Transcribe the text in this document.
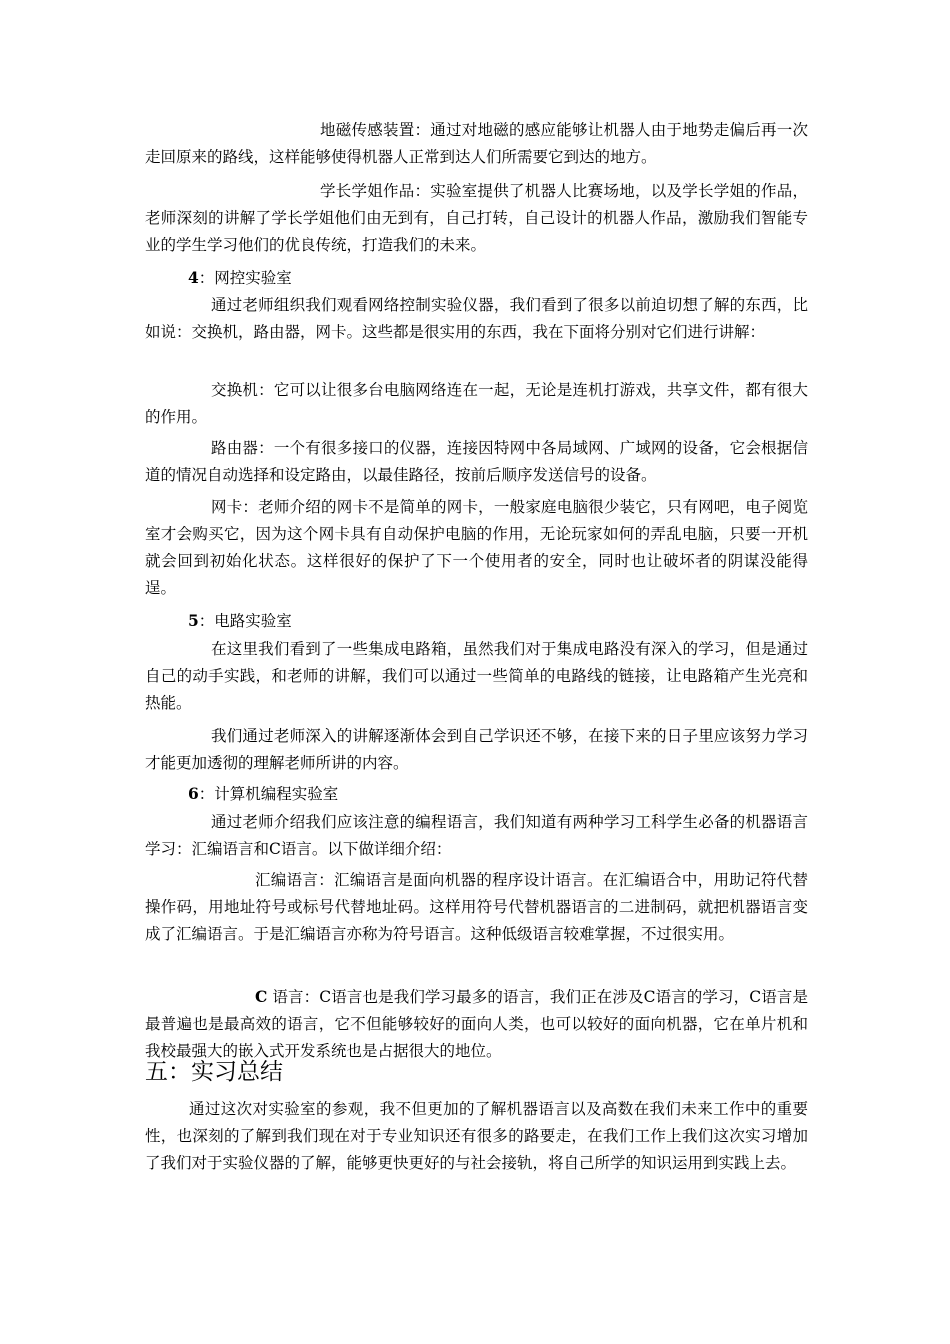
地磁传感装置：通过对地磁的感应能够让机器人由于地势走偏后再一次走回原来的路线，这样能够使得机器人正常到达人们所需要它到达的地方。

学长学姐作品：实验室提供了机器人比赛场地，以及学长学姐的作品，老师深刻的讲解了学长学姐他们由无到有，自己打转，自己设计的机器人作品，激励我们智能专业的学生学习他们的优良传统，打造我们的未来。

4：网控实验室

通过老师组织我们观看网络控制实验仪器，我们看到了很多以前迫切想了解的东西，比如说：交换机，路由器，网卡。这些都是很实用的东西，我在下面将分别对它们进行讲解：

交换机：它可以让很多台电脑网络连在一起，无论是连机打游戏，共享文件，都有很大的作用。

路由器：一个有很多接口的仪器，连接因特网中各局域网、广域网的设备，它会根据信道的情况自动选择和设定路由，以最佳路径，按前后顺序发送信号的设备。

网卡：老师介绍的网卡不是简单的网卡，一般家庭电脑很少装它，只有网吧，电子阅览室才会购买它，因为这个网卡具有自动保护电脑的作用，无论玩家如何的弄乱电脑，只要一开机就会回到初始化状态。这样很好的保护了下一个使用者的安全，同时也让破坏者的阴谋没能得逞。

5：电路实验室

在这里我们看到了一些集成电路箱，虽然我们对于集成电路没有深入的学习，但是通过自己的动手实践，和老师的讲解，我们可以通过一些简单的电路线的链接，让电路箱产生光亮和热能。

我们通过老师深入的讲解逐渐体会到自己学识还不够，在接下来的日子里应该努力学习才能更加透彻的理解老师所讲的内容。

6：计算机编程实验室

通过老师介绍我们应该注意的编程语言，我们知道有两种学习工科学生必备的机器语言学习：汇编语言和C语言。以下做详细介绍：

汇编语言：汇编语言是面向机器的程序设计语言。在汇编语合中，用助记符代替操作码，用地址符号或标号代替地址码。这样用符号代替机器语言的二进制码，就把机器语言变成了汇编语言。于是汇编语言亦称为符号语言。这种低级语言较难掌握，不过很实用。

C 语言：C语言也是我们学习最多的语言，我们正在涉及C语言的学习，C语言是最普遍也是最高效的语言，它不但能够较好的面向人类，也可以较好的面向机器，它在单片机和我校最强大的嵌入式开发系统也是占据很大的地位。

五：实习总结

通过这次对实验室的参观，我不但更加的了解机器语言以及高数在我们未来工作中的重要性，也深刻的了解到我们现在对于专业知识还有很多的路要走，在我们工作上我们这次实习增加了我们对于实验仪器的了解，能够更快更好的与社会接轨，将自己所学的知识运用到实践上去。
